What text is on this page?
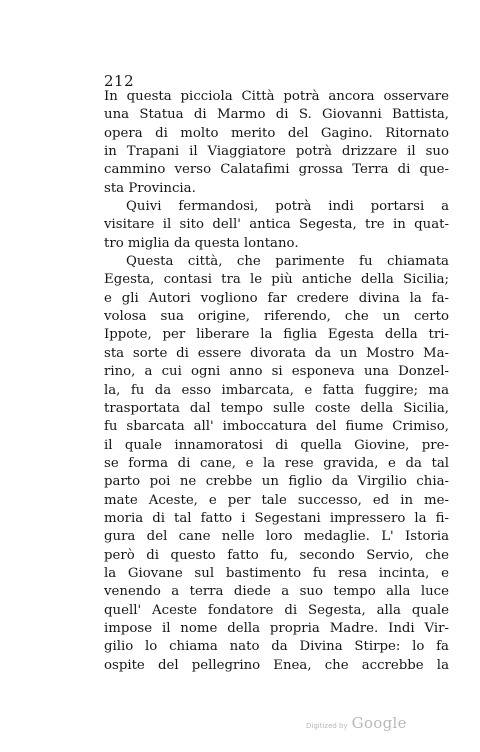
212
In questa picciola Città potrà ancora osservare
una Statua di Marmo di S. Giovanni Battista,
opera di molto merito del Gagino. Ritornato
in Trapani il Viaggiatore potrà drizzare il suo
cammino verso Calatafimi grossa Terra di que-
sta Provincia.
Quivi fermandosi, potrà indi portarsi a
visitare il sito dell' antica Segesta, tre in quat-
tro miglia da questa lontano.
Questa città, che parimente fu chiamata
Egesta, contasi tra le più antiche della Sicilia;
e gli Autori vogliono far credere divina la fa-
volosa sua origine, riferendo, che un certo
Ippote, per liberare la figlia Egesta della tri-
sta sorte di essere divorata da un Mostro Ma-
rino, a cui ogni anno si esponeva una Donzel-
la, fu da esso imbarcata, e fatta fuggire; ma
trasportata dal tempo sulle coste della Sicilia,
fu sbarcata all' imboccatura del fiume Crimiso,
il quale innamoratosi di quella Giovine, pre-
se forma di cane, e la rese gravida, e da tal
parto poi ne crebbe un figlio da Virgilio chia-
mate Aceste, e per tale successo, ed in me-
moria di tal fatto i Segestani impressero la fi-
gura del cane nelle loro medaglie. L' Istoria
però di questo fatto fu, secondo Servio, che
la Giovane sul bastimento fu resa incinta, e
venendo a terra diede a suo tempo alla luce
quell' Aceste fondatore di Segesta, alla quale
impose il nome della propria Madre. Indi Vir-
gilio lo chiama nato da Divina Stirpe: lo fa
ospite del pellegrino Enea, che accrebbe la
Digitized by Google
